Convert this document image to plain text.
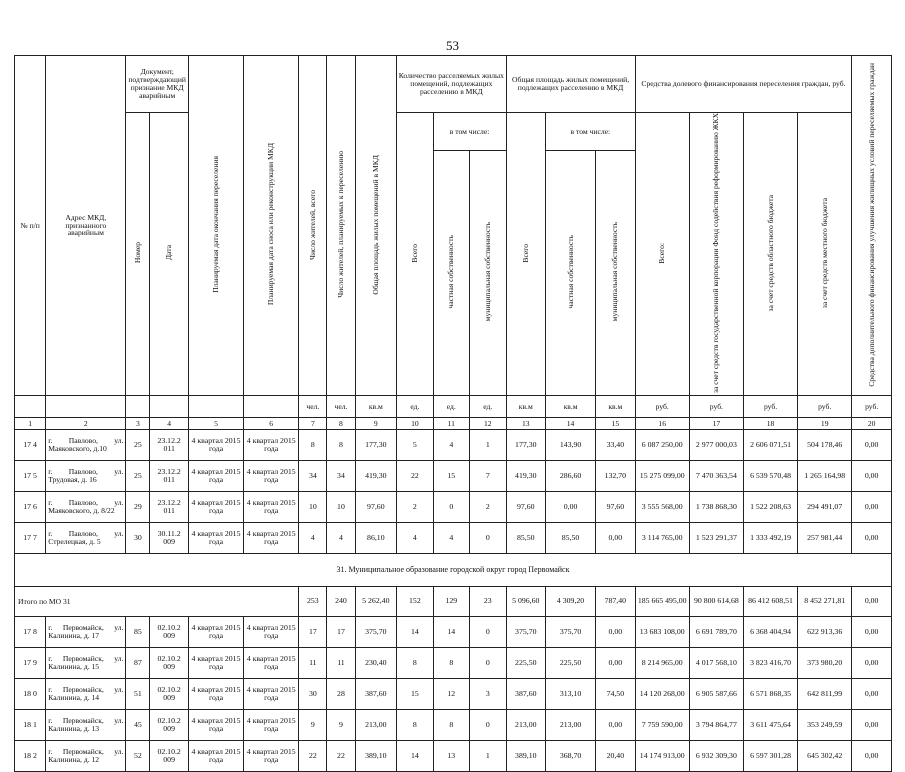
53
№ п/п	Адрес МКД, признанного аварийным	Документ, подтверждающий признание МКД аварийным		Планируемая дата окончания переселения	Планируемая дата сноса или реконструкции МКД	Число жителей, всего	Число жителей, планируемых к переселению	Общая площадь жилых помещений в МКД	Количество расселяемых жилых помещений, подлежащих расселению в МКД			Общая площадь жилых помещений, подлежащих расселению в МКД			Средства долевого финансирования переселения граждан, руб.				Средства дополнительного финансирования улучшения жилищных условий переселяемых граждан
		Номер	Дата						Всего	в том числе:		Всего	в том числе:		Всего:	за счет средств государственной корпорации Фонд содействия реформированию ЖКХ	за счет средств областного бюджета	за счет средств местного бюджета	
										частная собственность	муниципальная собственность		частная собственность	муниципальная собственность					
						чел.	чел.	кв.м	ед.	ед.	ед.	кв.м	кв.м	кв.м	руб.	руб.	руб.	руб.	руб.
1	2	3	4	5	6	7	8	9	10	11	12	13	14	15	16	17	18	19	20
17 4	г. Павлово, ул. Маяковского, д.10	25	23.12.2 011	4 квартал 2015 года	4 квартал 2015 года	8	8	177,30	5	4	1	177,30	143,90	33,40	6 087 250,00	2 977 000,03	2 606 071,51	504 178,46	0,00
17 5	г. Павлово, ул. Трудовая, д. 16	25	23.12.2 011	4 квартал 2015 года	4 квартал 2015 года	34	34	419,30	22	15	7	419,30	286,60	132,70	15 275 099,00	7 470 363,54	6 539 570,48	1 265 164,98	0,00
17 6	г. Павлово, ул. Маяковского, д. 8/22	29	23.12.2 011	4 квартал 2015 года	4 квартал 2015 года	10	10	97,60	2	0	2	97,60	0,00	97,60	3 555 568,00	1 738 868,30	1 522 208,63	294 491,07	0,00
17 7	г. Павлово, ул. Стрелецкая, д. 5	30	30.11.2 009	4 квартал 2015 года	4 квартал 2015 года	4	4	86,10	4	4	0	85,50	85,50	0,00	3 114 765,00	1 523 291,37	1 333 492,19	257 981,44	0,00
31. Муниципальное образование городской округ город Первомайск																			
Итого по МО 31						253	240	5 262,40	152	129	23	5 096,60	4 309,20	787,40	185 665 495,00	90 800 614,68	86 412 608,51	8 452 271,81	0,00
17 8	г. Первомайск, ул. Калинина, д. 17	85	02.10.2 009	4 квартал 2015 года	4 квартал 2015 года	17	17	375,70	14	14	0	375,70	375,70	0,00	13 683 108,00	6 691 789,70	6 368 404,94	622 913,36	0,00
17 9	г. Первомайск, ул. Калинина, д. 15	87	02.10.2 009	4 квартал 2015 года	4 квартал 2015 года	11	11	230,40	8	8	0	225,50	225,50	0,00	8 214 965,00	4 017 568,10	3 823 416,70	373 980,20	0,00
18 0	г. Первомайск, ул. Калинина, д. 14	51	02.10.2 009	4 квартал 2015 года	4 квартал 2015 года	30	28	387,60	15	12	3	387,60	313,10	74,50	14 120 268,00	6 905 587,66	6 571 868,35	642 811,99	0,00
18 1	г. Первомайск, ул. Калинина, д. 13	45	02.10.2 009	4 квартал 2015 года	4 квартал 2015 года	9	9	213,00	8	8	0	213,00	213,00	0,00	7 759 590,00	3 794 864,77	3 611 475,64	353 249,59	0,00
18 2	г. Первомайск, ул. Калинина, д. 12	52	02.10.2 009	4 квартал 2015 года	4 квартал 2015 года	22	22	389,10	14	13	1	389,10	368,70	20,40	14 174 913,00	6 932 309,30	6 597 301,28	645 302,42	0,00
